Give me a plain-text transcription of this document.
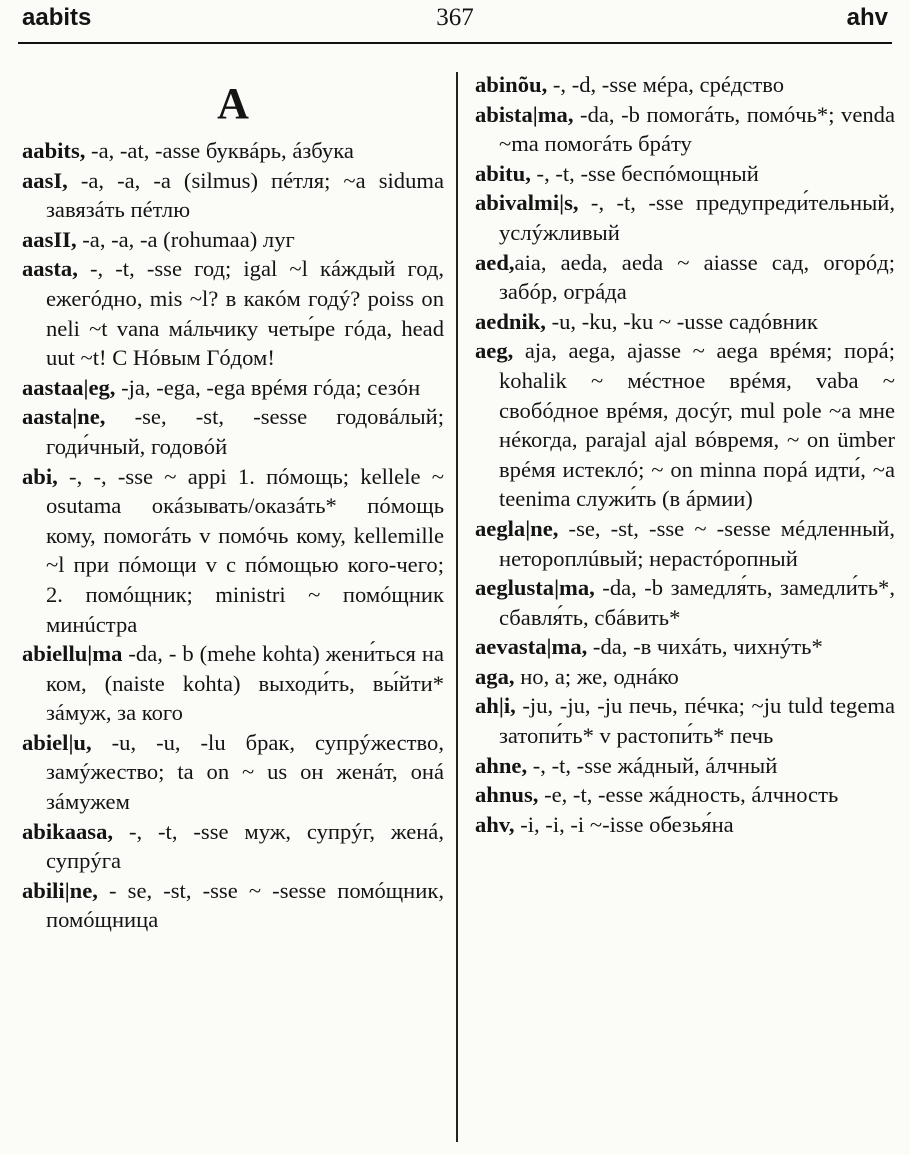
aabits	367	ahv
A

aabits, -a, -at, -asse буквáрь, áзбука

aasI, -a, -a, -a (silmus) пéтля; ~a siduma завязáть пéтлю

aasII, -a, -a, -a (rohumaa) луг

aasta, -, -t, -sse год; igal ~l кáждый год, ежегóдно, mis ~l? в какóм годý? poiss on neli ~t vana мáльчику четы́ре гóда, head uut ~t! С Нóвым Гóдом!

aastaa|eg, -ja, -ega, -ega врéмя гóда; сезóн

aasta|ne, -se, -st, -sesse годовáлый; годи́чный, годовóй

abi, -, -, -sse ~ appi 1. пóмощь; kellele ~ osutama окáзывать/оказáть* пóмощь кому, помогáть v помóчь кому, kellemille ~l при пóмощи v с пóмощью кого-чего; 2. помóщник; ministri ~ помóщник минúстра

abiellu|ma -da, - b (mehe kohta) жени́ться на ком, (naiste kohta) выходи́ть, вы́йти* зáмуж, за кого

abiel|u, -u, -u, -lu брак, супрýжество, замýжество; ta on ~ us он женáт, онá зáмужем

abikaasa, -, -t, -sse муж, супрýг, женá, супрýга

abili|ne, - se, -st, -sse ~ -sesse помóщник, помóщница

abinõu, -, -d, -sse мéра, срéдство

abista|ma, -da, -b помогáть, помóчь*; venda ~ma помогáть брáту

abitu, -, -t, -sse беспóмощный

abivalmi|s, -, -t, -sse предупреди́тельный, услýжливый

aed,aia, aeda, aeda ~ aiasse сад, огорóд; забóр, огрáда

aednik, -u, -ku, -ku ~ -usse садóвник

aeg, aja, aega, ajasse ~ aega врéмя; порá; kohalik ~ мéстное врéмя, vaba ~ свобóдное врéмя, досýг, mul pole ~a мне нéкогда, parajal ajal вóвремя, ~ on ümber врéмя истеклó; ~ on minna порá идти́, ~a teenima служи́ть (в áрмии)

aegla|ne, -se, -st, -sse ~ -sesse мéдленный, нетороплúвый; нерастóропный

aeglusta|ma, -da, -b замедля́ть, замедли́ть*, сбавля́ть, сбáвить*

aevasta|ma, -da, -в чихáть, чихнýть*

aga, но, а; же, однáко

ah|i, -ju, -ju, -ju печь, пéчка; ~ju tuld tegema затопи́ть* v растопи́ть* печь

ahne, -, -t, -sse жáдный, áлчный

ahnus, -e, -t, -esse жáдность, áлчность

ahv, -i, -i, -i ~-isse обезья́на
